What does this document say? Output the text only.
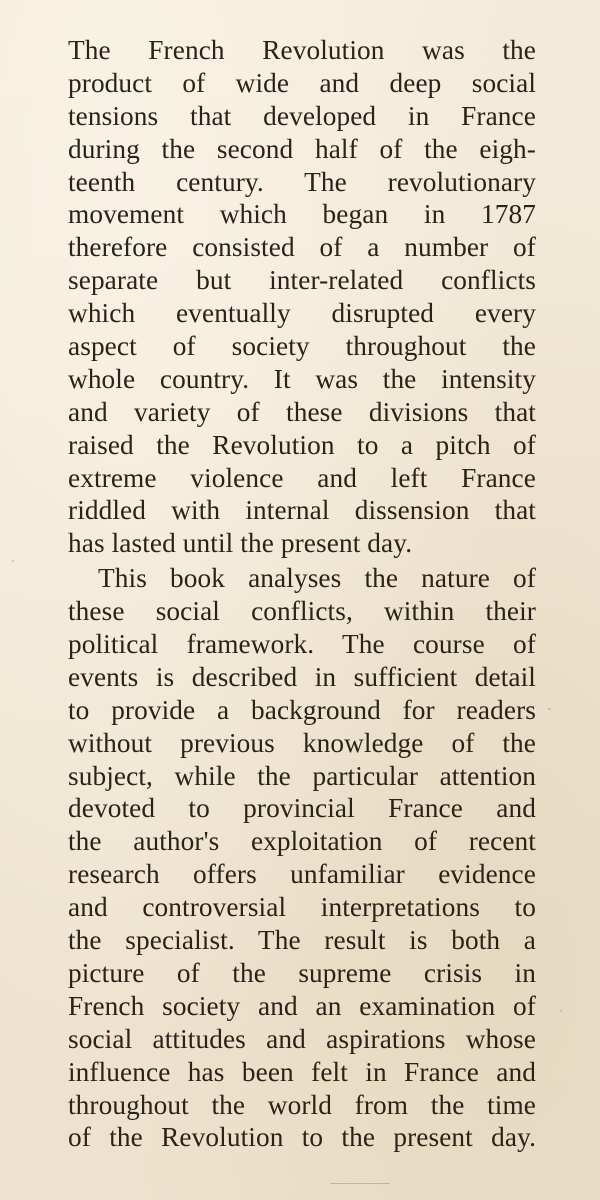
The French Revolution was the
product of wide and deep social
tensions that developed in France
during the second half of the eigh-
teenth century. The revolutionary
movement which began in 1787
therefore consisted of a number of
separate but inter-related conflicts
which eventually disrupted every
aspect of society throughout the
whole country. It was the intensity
and variety of these divisions that
raised the Revolution to a pitch of
extreme violence and left France
riddled with internal dissension that
has lasted until the present day.
This book analyses the nature of
these social conflicts, within their
political framework. The course of
events is described in sufficient detail
to provide a background for readers
without previous knowledge of the
subject, while the particular attention
devoted to provincial France and
the author's exploitation of recent
research offers unfamiliar evidence
and controversial interpretations to
the specialist. The result is both a
picture of the supreme crisis in
French society and an examination of
social attitudes and aspirations whose
influence has been felt in France and
throughout the world from the time
of the Revolution to the present day.
